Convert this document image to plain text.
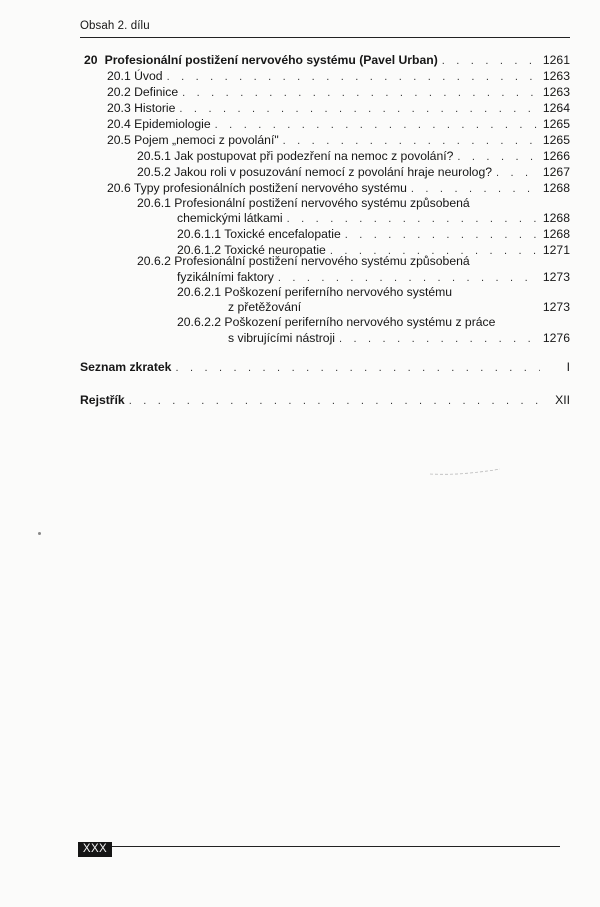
Obsah 2. dílu
20 Profesionální postižení nervového systému (Pavel Urban) . . .	1261
20.1 Úvod . . .	1263
20.2 Definice . . .	1263
20.3 Historie . . .	1264
20.4 Epidemiologie . . .	1265
20.5 Pojem „nemoci z povolání" . . .	1265
20.5.1 Jak postupovat při podezření na nemoc z povolání? . . .	1266
20.5.2 Jakou roli v posuzování nemocí z povolání hraje neurolog? . . .	1267
20.6 Typy profesionálních postižení nervového systému . . .	1268
20.6.1 Profesionální postižení nervového systému způsobená
chemickými látkami . . .	1268
20.6.1.1 Toxické encefalopatie . . .	1268
20.6.1.2 Toxické neuropatie . . .	1271
20.6.2 Profesionální postižení nervového systému způsobená
fyzikálními faktory . . .	1273
20.6.2.1 Poškození periferního nervového systému
z přetěžování	1273
20.6.2.2 Poškození periferního nervového systému z práce
s vibrujícími nástroji . . .	1276
Seznam zkratek . . .	I
Rejstřík . . .	XII
XXX
